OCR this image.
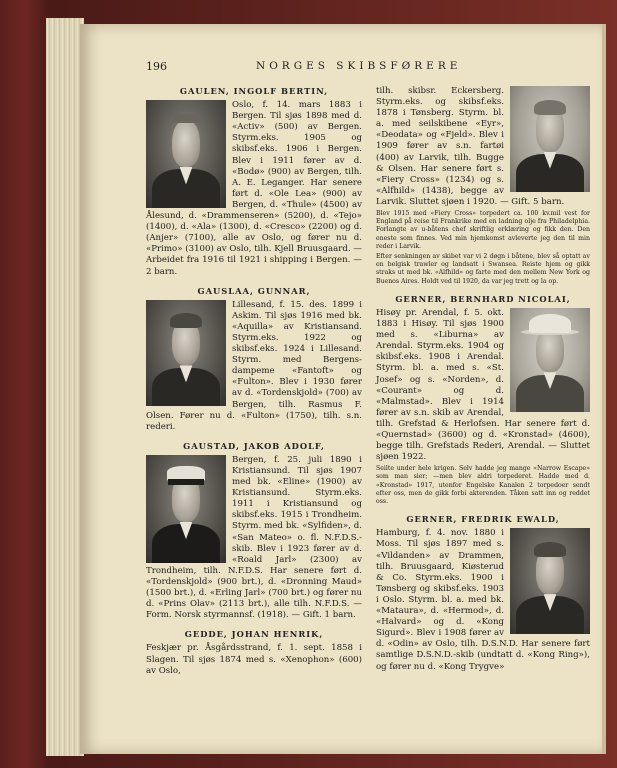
196	NORGES SKIBSFØRERE
GAULEN, INGOLF BERTIN,

Oslo, f. 14. mars 1883 i Bergen. Til sjøs 1898 med d. «Activ» (500) av Bergen. Styrm.eks. 1905 og skibsf.eks. 1906 i Bergen. Blev i 1911 fører av d. «Bodø» (900) av Bergen, tilh. A. E. Leganger. Har senere ført d. «Ole Lea» (900) av Bergen, d. «Thule» (4500) av Ålesund, d. «Drammenseren» (5200), d. «Tejo» (1400), d. «Ala» (1300), d. «Cresco» (2200) og d. (Anjer» (7100), alle av Oslo, og fører nu d. «Primo» (3100) av Oslo, tilh. Kjell Bruusgaard. — Arbeidet fra 1916 til 1921 i shipping i Bergen. — 2 barn.

GAUSLAA, GUNNAR,

Lillesand, f. 15. des. 1899 i Askim. Til sjøs 1916 med bk. «Aquilla» av Kristiansand. Styrm.eks. 1922 og skibsf.eks. 1924 i Lillesand. Styrm. med Bergens-dampeme «Fantoft» og «Fulton». Blev i 1930 fører av d. «Tordenskjold» (700) av Bergen, tilh. Rasmus F. Olsen. Fører nu d. «Fulton» (1750), tilh. s.n. rederi.

GAUSTAD, JAKOB ADOLF,

Bergen, f. 25. juli 1890 i Kristiansund. Til sjøs 1907 med bk. «Eline» (1900) av Kristiansund. Styrm.eks. 1911 i Kristiansund og skibsf.eks. 1915 i Trondheim. Styrm. med bk. «Sylfiden», d. «San Mateo» o. fl. N.F.D.S.-skib. Blev i 1923 fører av d. «Roald Jarl» (2300) av Trondheim, tilh. N.F.D.S. Har senere ført d. «Tordenskjold» (900 brt.), d. «Dronning Maud» (1500 brt.), d. «Erling Jarl» (700 brt.) og fører nu d. «Prins Olav» (2113 brt.), alle tilh. N.F.D.S. — Form. Norsk styrmannsf. (1918). — Gift. 1 barn.

GEDDE, JOHAN HENRIK,

Feskjær pr. Åsgårdsstrand, f. 1. sept. 1858 i Slagen. Til sjøs 1874 med s. «Xenophon» (600) av Oslo,

tilh. skibsr. Eckersberg. Styrm.eks. og skibsf.eks. 1878 i Tønsberg. Styrm. bl. a. med seilskibene «Eyr», «Deodata» og «Fjeld». Blev i 1909 fører av s.n. fartøi (400) av Larvik, tilh. Bugge & Olsen. Har senere ført s. «Fiery Cross» (1234) og s. «Alfhild» (1438), begge av Larvik. Sluttet sjøen i 1920. — Gift. 5 barn.

Blev 1915 med «Fiery Cross» torpedert ca. 100 kv.mil vest for England på reise til Frankrike med en ladning olje fra Philadelphia. Forlangte av u-båtens chef skriftlig erklæring og fikk den. Den eneste som finnes. Ved min hjemkomst avleverte jeg den til min reder i Larvik.

Efter senkningen av skibet var vi 2 døgn i båtene, blev så optatt av en belgisk trawler og landsatt i Swansea. Reiste hjem og gikk straks ut med bk. «Alfhild» og farte med den mellem New York og Buenos Aires. Holdt ved til 1920, da var jeg trett og la op.

GERNER, BERNHARD NICOLAI,

Hisøy pr. Arendal, f. 5. okt. 1883 i Hisøy. Til sjøs 1900 med s. «Liburna» av Arendal. Styrm.eks. 1904 og skibsf.eks. 1908 i Arendal. Styrm. bl. a. med s. «St. Josef» og s. «Norden», d. «Courant» og d. «Malmstad». Blev i 1914 fører av s.n. skib av Arendal, tilh. Grefstad & Herlofsen. Har senere ført d. «Quernstad» (3600) og d. «Kronstad» (4600), begge tilh. Grefstads Rederi, Arendal. — Sluttet sjøen 1922.

Seilte under hele krigen. Selv hadde jeg mange «Narrow Escape» som man sier; —men blev aldri torpederet. Hadde med d. «Kronstad» 1917, utenfor Engelske Kanalen 2 torpedoer sendt efter oss, men de gikk forbi akterenden. Tåken satt inn og reddet oss.

GERNER, FREDRIK EWALD,

Hamburg, f. 4. nov. 1880 i Moss. Til sjøs 1897 med s. «Vildanden» av Drammen, tilh. Bruusgaard, Kiøsterud & Co. Styrm.eks. 1900 i Tønsberg og skibsf.eks. 1903 i Oslo. Styrm. bl. a. med bk. «Mataura», d. «Hermod», d. «Halvard» og d. «Kong Sigurd». Blev i 1908 fører av d. «Odin» av Oslo, tilh. D.S.N.D. Har senere ført samtlige D.S.N.D.-skib (undtatt d. «Kong Ring»), og fører nu d. «Kong Trygve»
